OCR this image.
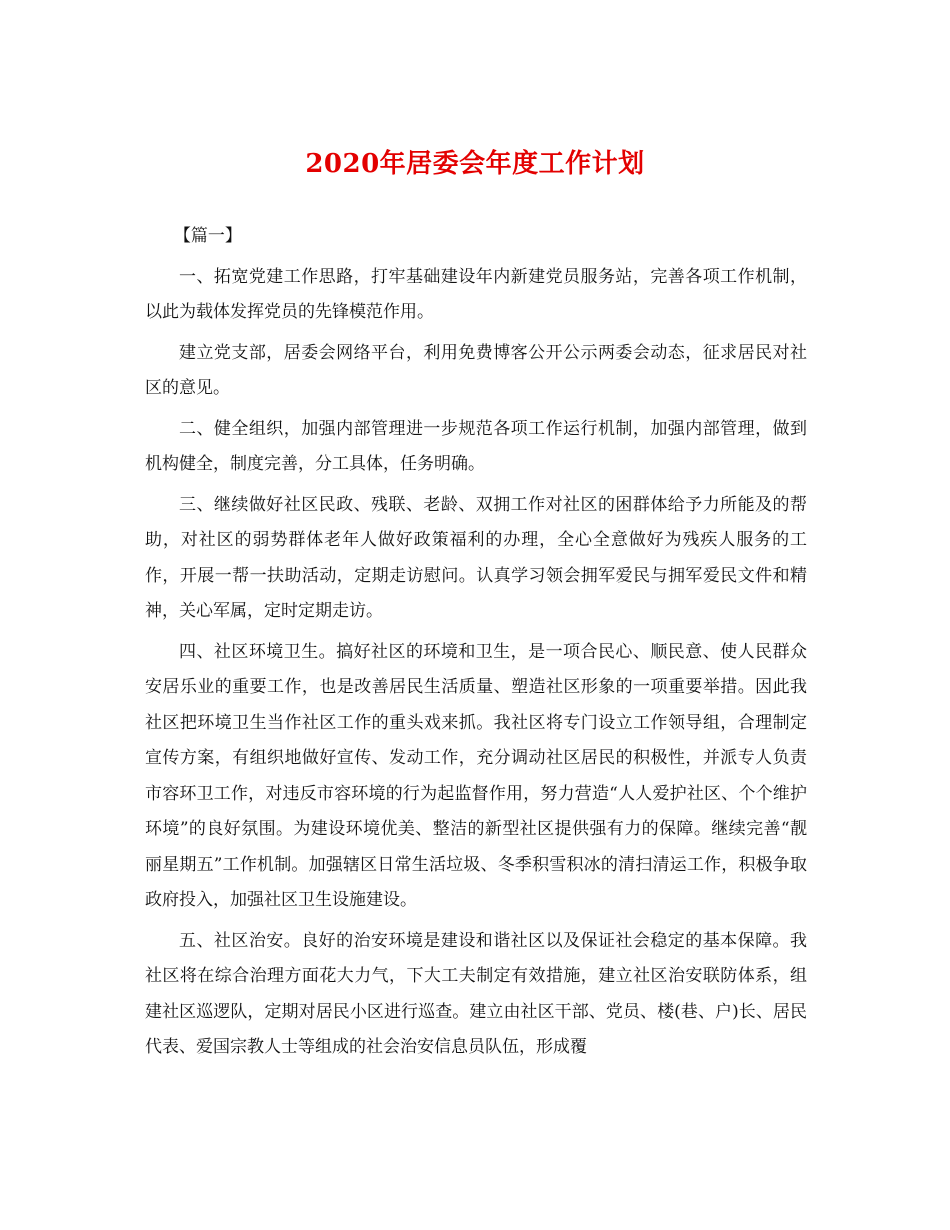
2020年居委会年度工作计划

【篇一】

一、拓宽党建工作思路，打牢基础建设年内新建党员服务站，完善各项工作机制，以此为载体发挥党员的先锋模范作用。

建立党支部，居委会网络平台，利用免费博客公开公示两委会动态，征求居民对社区的意见。

二、健全组织，加强内部管理进一步规范各项工作运行机制，加强内部管理，做到机构健全，制度完善，分工具体，任务明确。

三、继续做好社区民政、残联、老龄、双拥工作对社区的困群体给予力所能及的帮助，对社区的弱势群体老年人做好政策福利的办理，全心全意做好为残疾人服务的工作，开展一帮一扶助活动，定期走访慰问。认真学习领会拥军爱民与拥军爱民文件和精神，关心军属，定时定期走访。

四、社区环境卫生。搞好社区的环境和卫生，是一项合民心、顺民意、使人民群众安居乐业的重要工作，也是改善居民生活质量、塑造社区形象的一项重要举措。因此我社区把环境卫生当作社区工作的重头戏来抓。我社区将专门设立工作领导组，合理制定宣传方案，有组织地做好宣传、发动工作，充分调动社区居民的积极性，并派专人负责市容环卫工作，对违反市容环境的行为起监督作用，努力营造“人人爱护社区、个个维护环境”的良好氛围。为建设环境优美、整洁的新型社区提供强有力的保障。继续完善“靓丽星期五”工作机制。加强辖区日常生活垃圾、冬季积雪积冰的清扫清运工作，积极争取政府投入，加强社区卫生设施建设。

五、社区治安。良好的治安环境是建设和谐社区以及保证社会稳定的基本保障。我社区将在综合治理方面花大力气，下大工夫制定有效措施，建立社区治安联防体系，组建社区巡逻队，定期对居民小区进行巡查。建立由社区干部、党员、楼(巷、户)长、居民代表、爱国宗教人士等组成的社会治安信息员队伍，形成覆
